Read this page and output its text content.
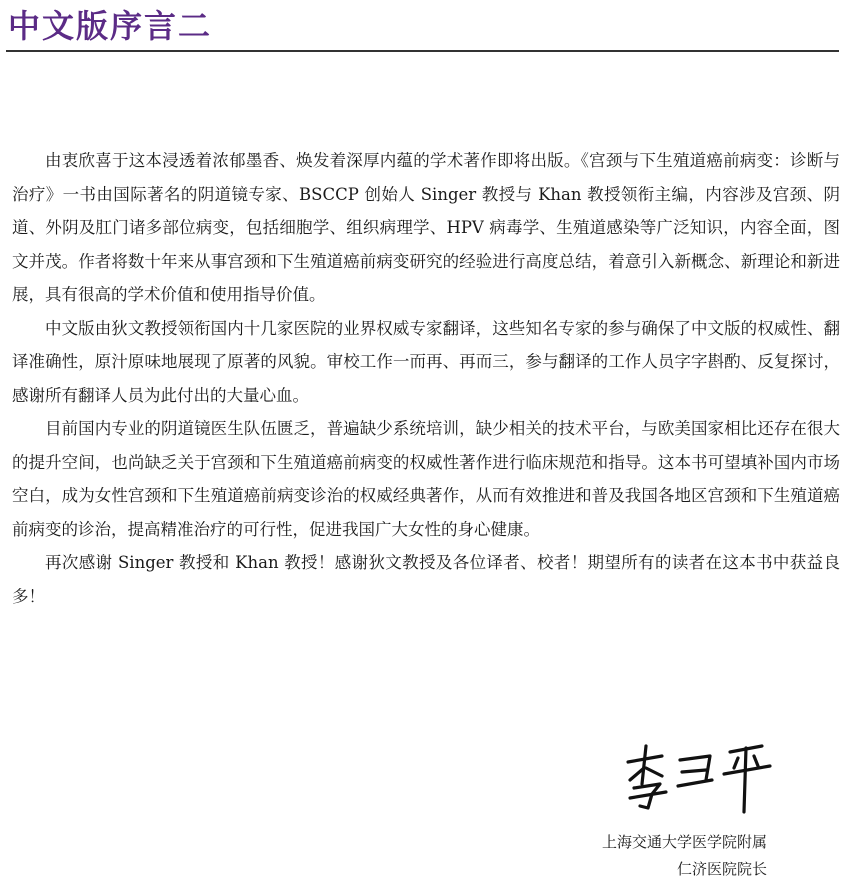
中文版序言二

由衷欣喜于这本浸透着浓郁墨香、焕发着深厚内蕴的学术著作即将出版。《宫颈与下生殖道癌前病变：诊断与治疗》一书由国际著名的阴道镜专家、BSCCP 创始人 Singer 教授与 Khan 教授领衔主编，内容涉及宫颈、阴道、外阴及肛门诸多部位病变，包括细胞学、组织病理学、HPV 病毒学、生殖道感染等广泛知识，内容全面，图文并茂。作者将数十年来从事宫颈和下生殖道癌前病变研究的经验进行高度总结，着意引入新概念、新理论和新进展，具有很高的学术价值和使用指导价值。

中文版由狄文教授领衔国内十几家医院的业界权威专家翻译，这些知名专家的参与确保了中文版的权威性、翻译准确性，原汁原味地展现了原著的风貌。审校工作一而再、再而三，参与翻译的工作人员字字斟酌、反复探讨，感谢所有翻译人员为此付出的大量心血。

目前国内专业的阴道镜医生队伍匮乏，普遍缺少系统培训，缺少相关的技术平台，与欧美国家相比还存在很大的提升空间，也尚缺乏关于宫颈和下生殖道癌前病变的权威性著作进行临床规范和指导。这本书可望填补国内市场空白，成为女性宫颈和下生殖道癌前病变诊治的权威经典著作，从而有效推进和普及我国各地区宫颈和下生殖道癌前病变的诊治，提高精准治疗的可行性，促进我国广大女性的身心健康。

再次感谢 Singer 教授和 Khan 教授！感谢狄文教授及各位译者、校者！期望所有的读者在这本书中获益良多！

上海交通大学医学院附属
仁济医院院长
